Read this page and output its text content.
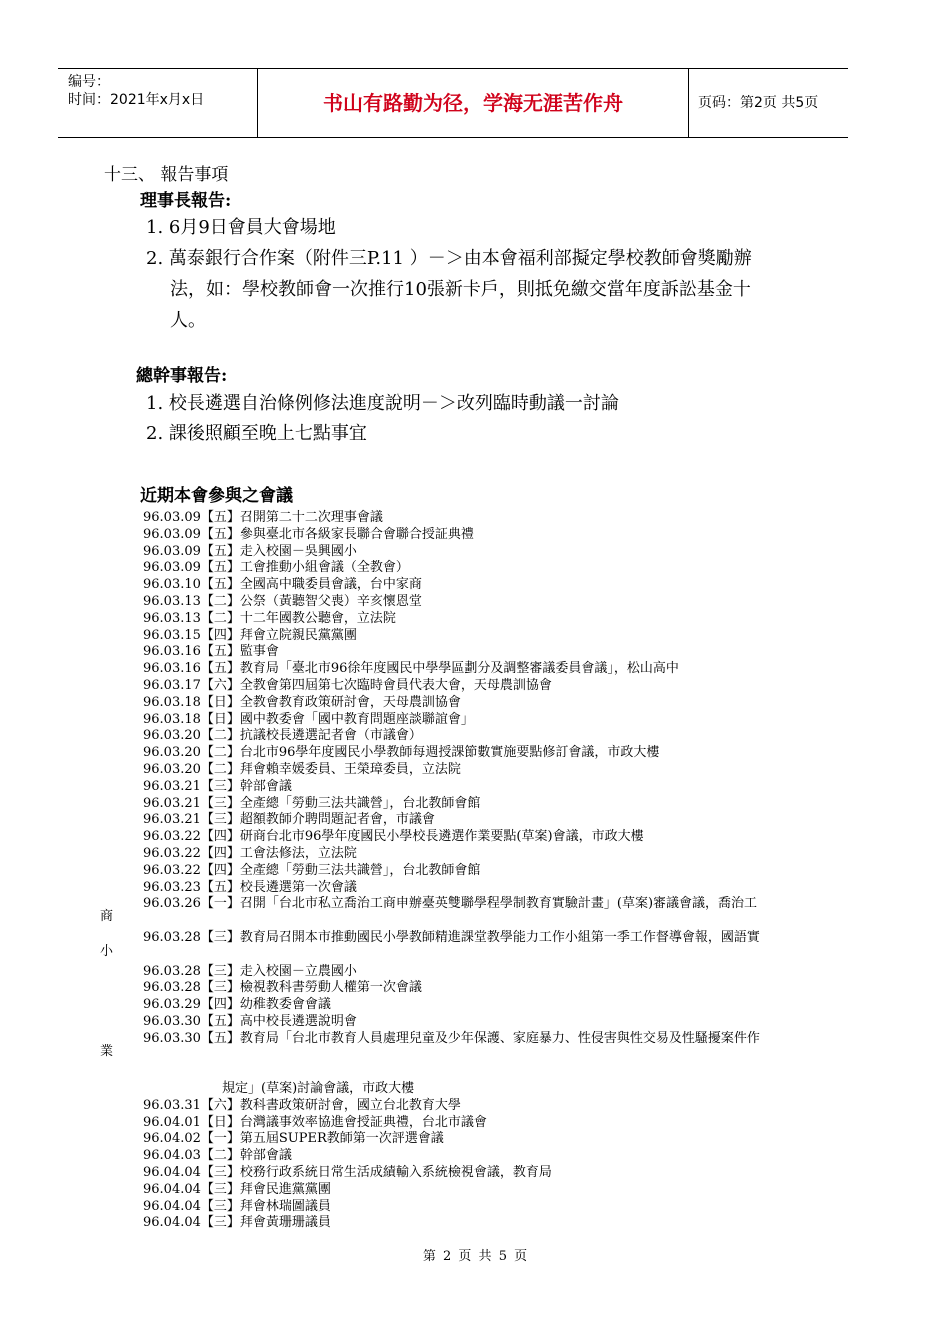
编号：
时间：2021年x月x日	书山有路勤为径，学海无涯苦作舟	页码：第2页 共5页
十三、 報告事項
理事長報告:
1. 6月9日會員大會場地
2. 萬泰銀行合作案（附件三P.11 ）－＞由本會福利部擬定學校教師會獎勵辦
法，如：學校教師會一次推行10張新卡戶，則抵免繳交當年度訴訟基金十
人。
總幹事報告:
1. 校長遴選自治條例修法進度說明－＞改列臨時動議一討論
2. 課後照顧至晚上七點事宜
近期本會參與之會議
96.03.09【五】召開第二十二次理事會議
96.03.09【五】參與臺北市各級家長聯合會聯合授証典禮
96.03.09【五】走入校園－吳興國小
96.03.09【五】工會推動小組會議（全教會）
96.03.10【五】全國高中職委員會議，台中家商
96.03.13【二】公祭（黃聽智父喪）辛亥懷恩堂
96.03.13【二】十二年國教公聽會，立法院
96.03.15【四】拜會立院親民黨黨團
96.03.16【五】監事會
96.03.16【五】教育局「臺北市96徐年度國民中學學區劃分及調整審議委員會議」，松山高中
96.03.17【六】全教會第四屆第七次臨時會員代表大會，天母農訓協會
96.03.18【日】全教會教育政策研討會，天母農訓協會
96.03.18【日】國中教委會「國中教育問題座談聯誼會」
96.03.20【二】抗議校長遴選記者會（市議會）
96.03.20【二】台北市96學年度國民小學教師每週授課節數實施要點修訂會議，市政大樓
96.03.20【二】拜會賴幸媛委員、王榮璋委員，立法院
96.03.21【三】幹部會議
96.03.21【三】全產總「勞動三法共識營」，台北教師會館
96.03.21【三】超額教師介聘問題記者會，市議會
96.03.22【四】研商台北市96學年度國民小學校長遴選作業要點(草案)會議，市政大樓
96.03.22【四】工會法修法，立法院
96.03.22【四】全產總「勞動三法共識營」，台北教師會館
96.03.23【五】校長遴選第一次會議
96.03.26【一】召開「台北市私立喬治工商申辦臺英雙聯學程學制教育實驗計畫」(草案)審議會議，喬治工

96.03.28【三】教育局召開本市推動國民小學教師精進課堂教學能力工作小組第一季工作督導會報，國語實

96.03.28【三】走入校園－立農國小
96.03.28【三】檢視教科書勞動人權第一次會議
96.03.29【四】幼稚教委會會議
96.03.30【五】高中校長遴選說明會
96.03.30【五】教育局「台北市教育人員處理兒童及少年保護、家庭暴力、性侵害與性交易及性騷擾案件作

規定」(草案)討論會議，市政大樓
96.03.31【六】教科書政策研討會，國立台北教育大學
96.04.01【日】台灣議事效率協進會授証典禮，台北市議會
96.04.02【一】第五屆SUPER教師第一次評選會議
96.04.03【二】幹部會議
96.04.04【三】校務行政系統日常生活成績輸入系統檢視會議，教育局
96.04.04【三】拜會民進黨黨團
96.04.04【三】拜會林瑞圖議員
96.04.04【三】拜會黃珊珊議員
商
小
業
第 2 页 共 5 页
